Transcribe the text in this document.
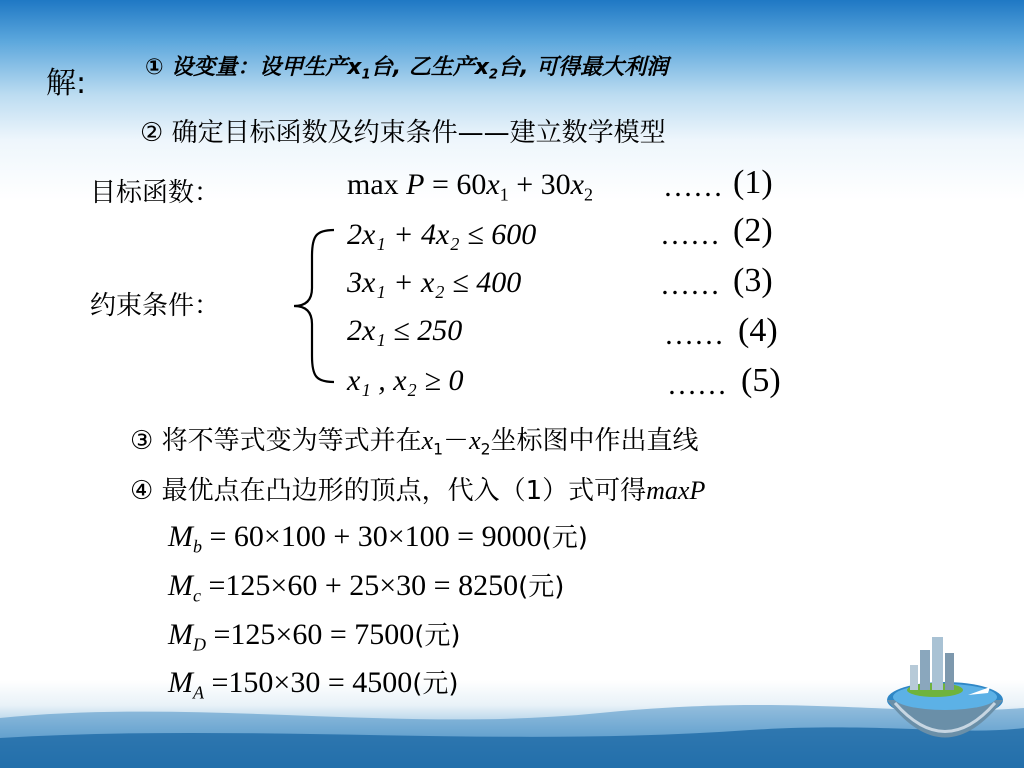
解:	① 设变量：设甲生产$x_1$台, 乙生产$x_2$台, 可得最大利润
② 确定目标函数及约束条件——建立数学模型
目标函数：	$\max P = 60x_1 + 30x_2$ …… (1)
约束条件：
2x₁ + 4x₂ ≤ 600	…… (2)
3x₁ + x₂ ≤ 400	…… (3)
2x₁ ≤ 250	…… (4)
x₁ , x₂ ≥ 0	…… (5)
③ 将不等式变为等式并在$x_1-x_2$坐标图中作出直线
④ 最优点在凸边形的顶点，代入（1）式可得maxP
$M_b = 60\times 100 + 30\times 100 = 9000$(元)
$M_c =125\times 60 + 25\times 30 = 8250$(元)
$M_D =125\times 60 = 7500$(元)
$M_A =150\times 30 = 4500$(元)
